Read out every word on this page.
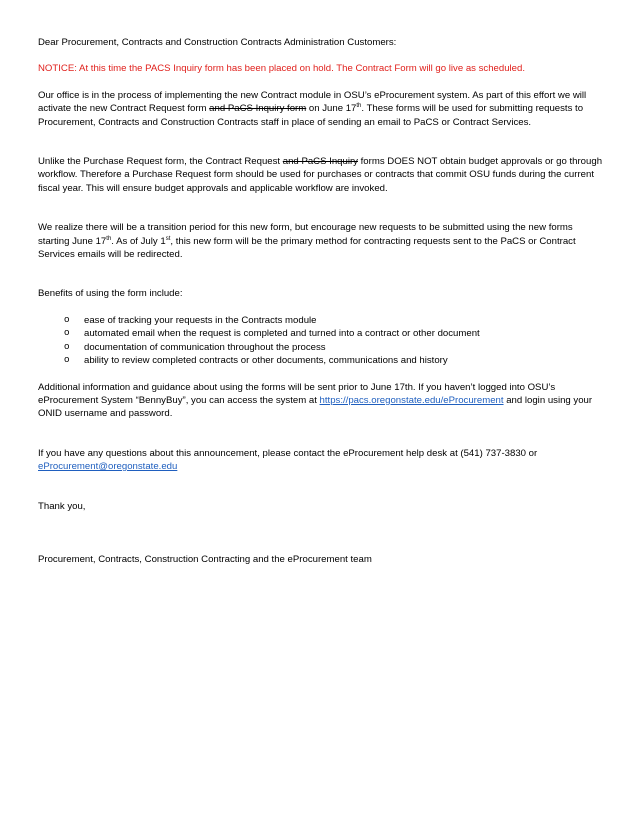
Dear Procurement, Contracts and Construction Contracts Administration Customers:

NOTICE: At this time the PACS Inquiry form has been placed on hold. The Contract Form will go live as scheduled.

Our office is in the process of implementing the new Contract module in OSU’s eProcurement system. As part of this effort we will activate the new Contract Request form and PaCS Inquiry form on June 17th. These forms will be used for submitting requests to Procurement, Contracts and Construction Contracts staff in place of sending an email to PaCS or Contract Services.

Unlike the Purchase Request form, the Contract Request and PaCS Inquiry forms DOES NOT obtain budget approvals or go through workflow. Therefore a Purchase Request form should be used for purchases or contracts that commit OSU funds during the current fiscal year. This will ensure budget approvals and applicable workflow are invoked.

We realize there will be a transition period for this new form, but encourage new requests to be submitted using the new forms starting June 17th. As of July 1st, this new form will be the primary method for contracting requests sent to the PaCS or Contract Services emails will be redirected.

Benefits of using the form include:

o ease of tracking your requests in the Contracts module
o automated email when the request is completed and turned into a contract or other document
o documentation of communication throughout the process
o ability to review completed contracts or other documents, communications and history

Additional information and guidance about using the forms will be sent prior to June 17th. If you haven’t logged into OSU’s eProcurement System “BennyBuy”, you can access the system at https://pacs.oregonstate.edu/eProcurement and login using your ONID username and password.

If you have any questions about this announcement, please contact the eProcurement help desk at (541) 737-3830 or eProcurement@oregonstate.edu

Thank you,

Procurement, Contracts, Construction Contracting and the eProcurement team
